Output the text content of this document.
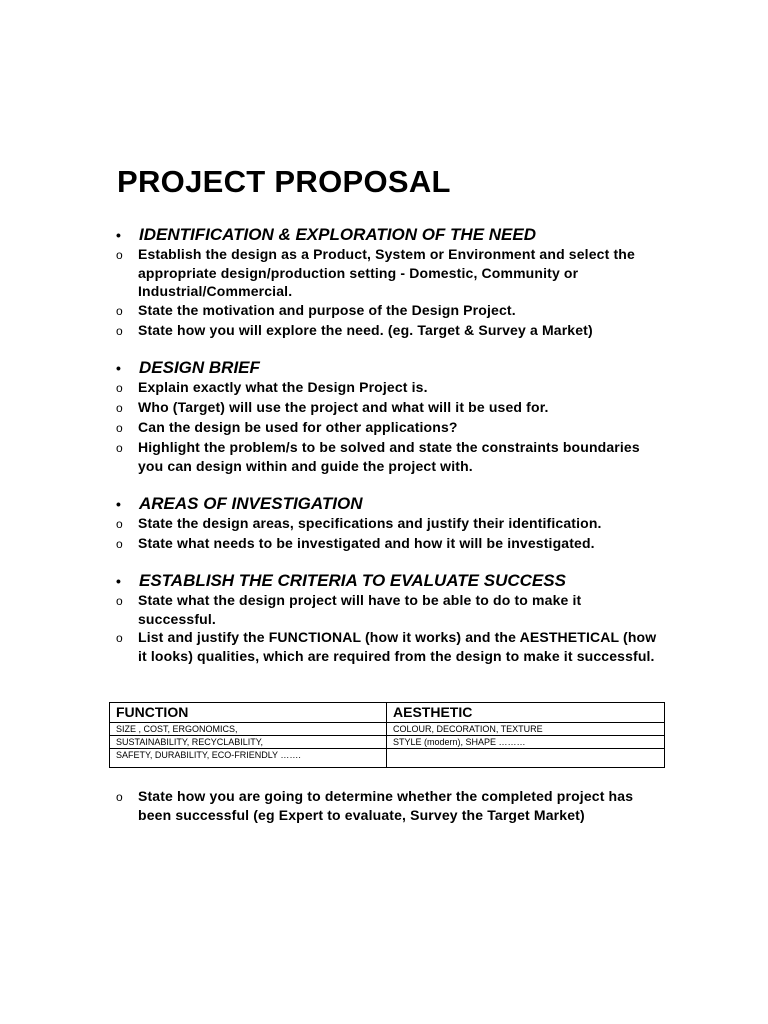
PROJECT PROPOSAL
•	IDENTIFICATION & EXPLORATION OF THE NEED
o	Establish the design as a Product, System or Environment and select the appropriate design/production setting - Domestic, Community or Industrial/Commercial.
o	State the motivation and purpose of the Design Project.
o	State how you will explore the need. (eg. Target & Survey a Market)
•	DESIGN BRIEF
o	Explain exactly what the Design Project is.
o	Who (Target) will use the project and what will it be used for.
o	Can the design be used for other applications?
o	Highlight the problem/s to be solved and state the constraints boundaries you can design within and guide the project with.
•	AREAS OF INVESTIGATION
o	State the design areas, specifications and justify their identification.
o	State what needs to be investigated and how it will be investigated.
•	ESTABLISH THE CRITERIA TO EVALUATE SUCCESS
o	State what the design project will have to be able to do to make it successful.
o	List and justify the FUNCTIONAL (how it works) and the AESTHETICAL (how it looks) qualities, which are required from the design to make it successful.
FUNCTION	AESTHETIC
SIZE , COST, ERGONOMICS,	COLOUR, DECORATION, TEXTURE
SUSTAINABILITY, RECYCLABILITY,	STYLE (modern), SHAPE ………
SAFETY, DURABILITY, ECO-FRIENDLY …….	
o	State how you are going to determine whether the completed project has been successful (eg Expert to evaluate, Survey the Target Market)
